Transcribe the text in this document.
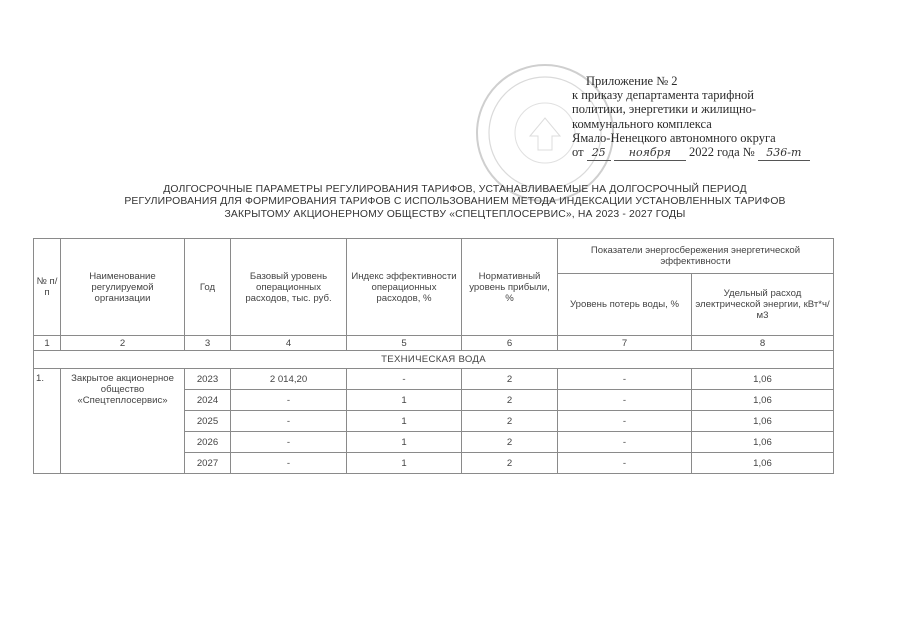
Приложение № 2
к приказу департамента тарифной
политики, энергетики и жилищно-
коммунального комплекса
Ямало-Ненецкого автономного округа
от 25 ноября 2022 года № 536-т
ДОЛГОСРОЧНЫЕ ПАРАМЕТРЫ РЕГУЛИРОВАНИЯ ТАРИФОВ, УСТАНАВЛИВАЕМЫЕ НА ДОЛГОСРОЧНЫЙ ПЕРИОД
РЕГУЛИРОВАНИЯ ДЛЯ ФОРМИРОВАНИЯ ТАРИФОВ С ИСПОЛЬЗОВАНИЕМ МЕТОДА ИНДЕКСАЦИИ УСТАНОВЛЕННЫХ ТАРИФОВ
ЗАКРЫТОМУ АКЦИОНЕРНОМУ ОБЩЕСТВУ «СПЕЦТЕПЛОСЕРВИС», НА 2023 - 2027 ГОДЫ
№ п/п	Наименование регулируемой организации	Год	Базовый уровень операционных расходов, тыс. руб.	Индекс эффективности операционных расходов, %	Нормативный уровень прибыли, %	Показатели энергосбережения энергетической эффективности	
						Уровень потерь воды, %	Удельный расход электрической энергии, кВт*ч/м3
1	2	3	4	5	6	7	8
ТЕХНИЧЕСКАЯ ВОДА							
1.	Закрытое акционерное общество «Спецтеплосервис»	2023	2 014,20	-	2	-	1,06
		2024	-	1	2	-	1,06
		2025	-	1	2	-	1,06
		2026	-	1	2	-	1,06
		2027	-	1	2	-	1,06
